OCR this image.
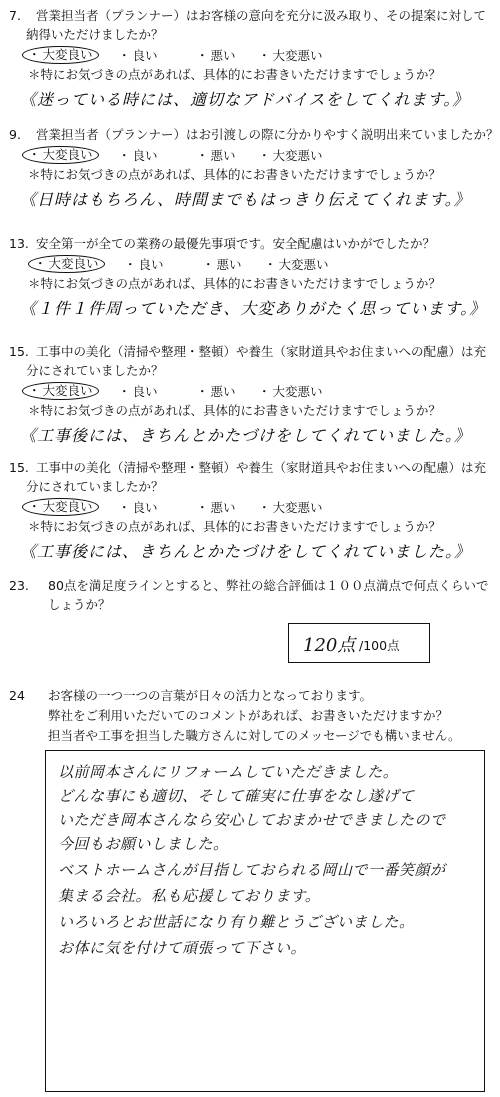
7. 営業担当者（プランナー）はお客様の意向を充分に汲み取り、その提案に対して
納得いただけましたか？
・ 大変良い	・ 良い	・ 悪い ・ 大変悪い
＊特にお気づきの点があれば、具体的にお書きいただけますでしょうか？
《迷っている時には、適切なアドバイスをしてくれます。》
9. 営業担当者（プランナー）はお引渡しの際に分かりやすく説明出来ていましたか？
・ 大変良い	・ 良い	・ 悪い ・ 大変悪い
＊特にお気づきの点があれば、具体的にお書きいただけますでしょうか？
《日時はもちろん、時間までもはっきり伝えてくれます。》
13. 安全第一が全ての業務の最優先事項です。安全配慮はいかがでしたか？
・ 大変良い	・ 良い	・ 悪い ・ 大変悪い
＊特にお気づきの点があれば、具体的にお書きいただけますでしょうか？
《１件１件周っていただき、大変ありがたく思っています。》
15. 工事中の美化（清掃や整理・整頓）や養生（家財道具やお住まいへの配慮）は充
分にされていましたか？
・ 大変良い	・ 良い	・ 悪い ・ 大変悪い
＊特にお気づきの点があれば、具体的にお書きいただけますでしょうか？
《工事後には、きちんとかたづけをしてくれていました。》
15. 工事中の美化（清掃や整理・整頓）や養生（家財道具やお住まいへの配慮）は充
分にされていましたか？
・ 大変良い	・ 良い	・ 悪い ・ 大変悪い
＊特にお気づきの点があれば、具体的にお書きいただけますでしょうか？
《工事後には、きちんとかたづけをしてくれていました。》
23. 80点を満足度ラインとすると、弊社の総合評価は１００点満点で何点くらいで
しょうか？
120点 /100点
24 お客様の一つ一つの言葉が日々の活力となっております。
弊社をご利用いただいてのコメントがあれば、お書きいただけますか？
担当者や工事を担当した職方さんに対してのメッセージでも構いません。
以前岡本さんにリフォームしていただきました。
どんな事にも適切、そして確実に仕事をなし遂げて
いただき岡本さんなら安心しておまかせできましたので
今回もお願いしました。
ベストホームさんが目指しておられる岡山で一番笑顔が
集まる会社。私も応援しております。
いろいろとお世話になり有り難とうございました。
お体に気を付けて頑張って下さい。
